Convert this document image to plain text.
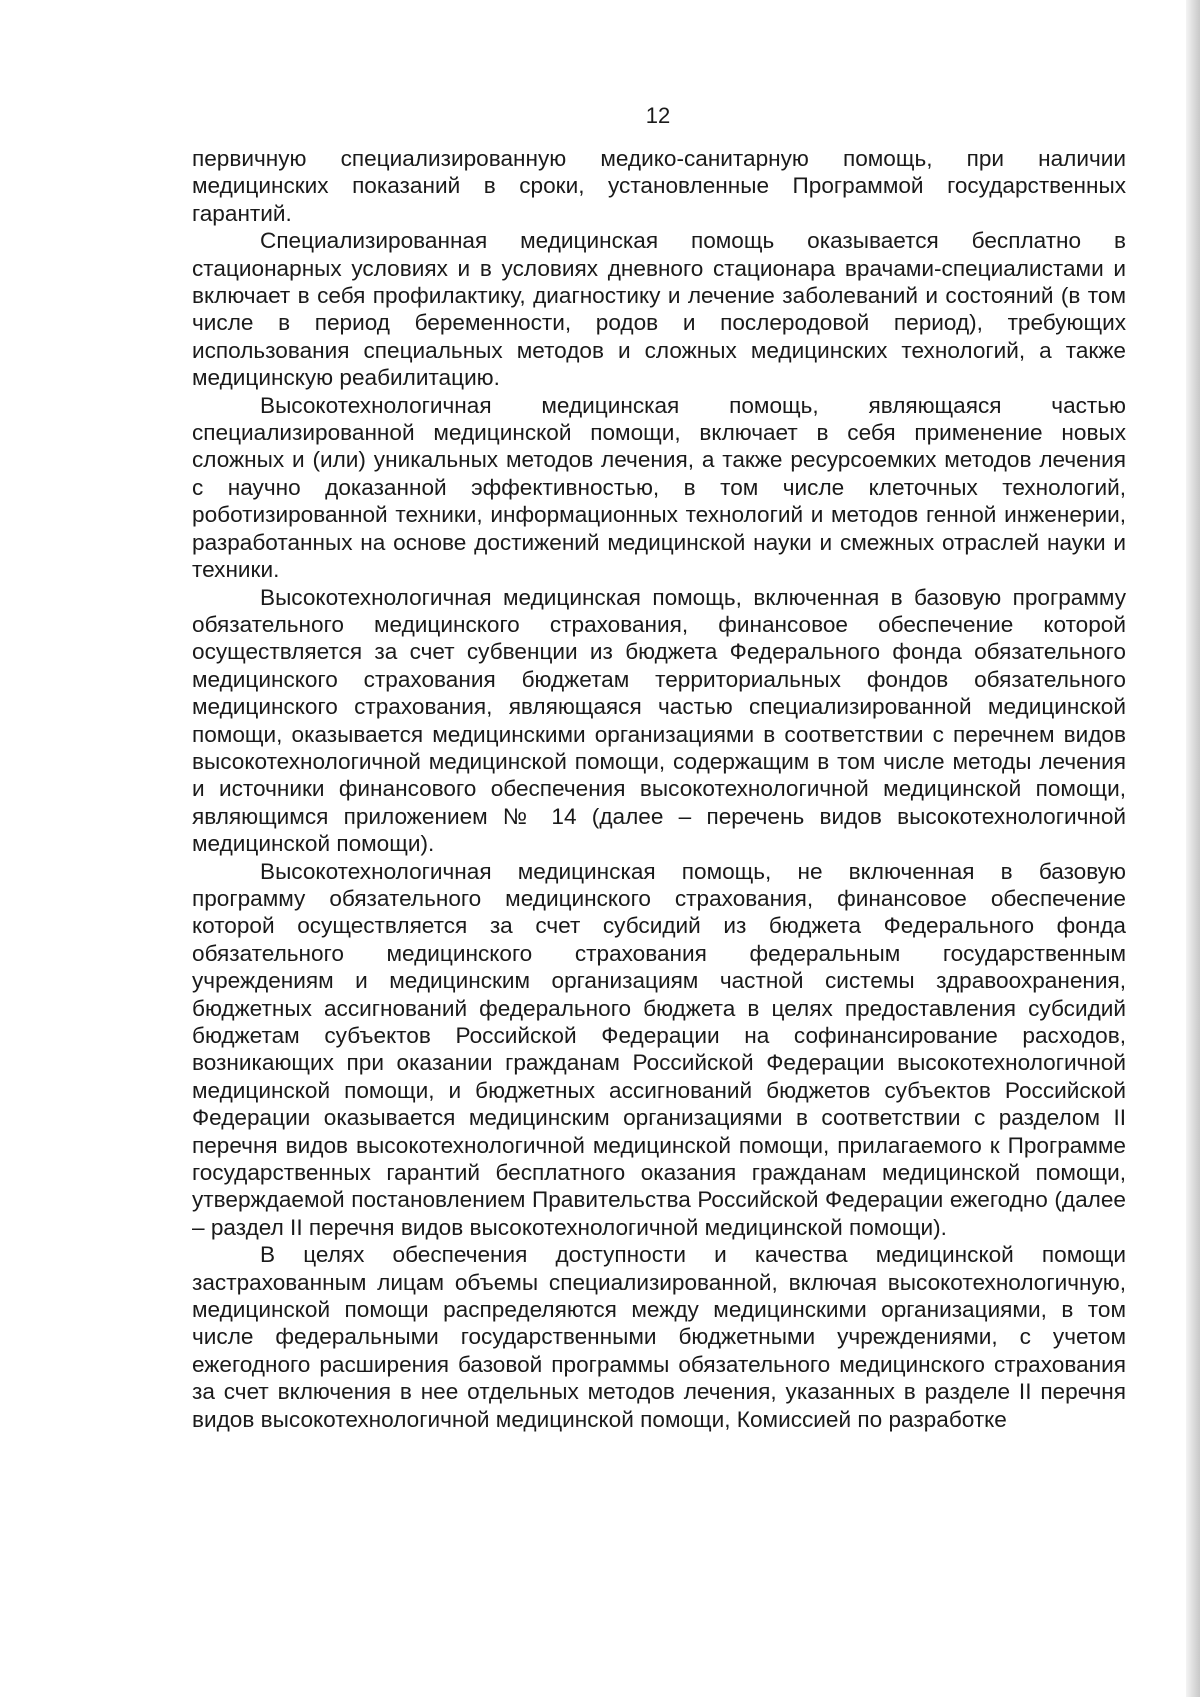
12

первичную специализированную медико-санитарную помощь, при наличии медицинских показаний в сроки, установленные Программой государственных гарантий.

Специализированная медицинская помощь оказывается бесплатно в стационарных условиях и в условиях дневного стационара врачами-специалистами и включает в себя профилактику, диагностику и лечение заболеваний и состояний (в том числе в период беременности, родов и послеродовой период), требующих использования специальных методов и сложных медицинских технологий, а также медицинскую реабилитацию.

Высокотехнологичная медицинская помощь, являющаяся частью специализированной медицинской помощи, включает в себя применение новых сложных и (или) уникальных методов лечения, а также ресурсоемких методов лечения с научно доказанной эффективностью, в том числе клеточных технологий, роботизированной техники, информационных технологий и методов генной инженерии, разработанных на основе достижений медицинской науки и смежных отраслей науки и техники.

Высокотехнологичная медицинская помощь, включенная в базовую программу обязательного медицинского страхования, финансовое обеспечение которой осуществляется за счет субвенции из бюджета Федерального фонда обязательного медицинского страхования бюджетам территориальных фондов обязательного медицинского страхования, являющаяся частью специализированной медицинской помощи, оказывается медицинскими организациями в соответствии с перечнем видов высокотехнологичной медицинской помощи, содержащим в том числе методы лечения и источники финансового обеспечения высокотехнологичной медицинской помощи, являющимся приложением № 14 (далее – перечень видов высокотехнологичной медицинской помощи).

Высокотехнологичная медицинская помощь, не включенная в базовую программу обязательного медицинского страхования, финансовое обеспечение которой осуществляется за счет субсидий из бюджета Федерального фонда обязательного медицинского страхования федеральным государственным учреждениям и медицинским организациям частной системы здравоохранения, бюджетных ассигнований федерального бюджета в целях предоставления субсидий бюджетам субъектов Российской Федерации на софинансирование расходов, возникающих при оказании гражданам Российской Федерации высокотехнологичной медицинской помощи, и бюджетных ассигнований бюджетов субъектов Российской Федерации оказывается медицинским организациями в соответствии с разделом II перечня видов высокотехнологичной медицинской помощи, прилагаемого к Программе государственных гарантий бесплатного оказания гражданам медицинской помощи, утверждаемой постановлением Правительства Российской Федерации ежегодно (далее – раздел II перечня видов высокотехнологичной медицинской помощи).

В целях обеспечения доступности и качества медицинской помощи застрахованным лицам объемы специализированной, включая высокотехнологичную, медицинской помощи распределяются между медицинскими организациями, в том числе федеральными государственными бюджетными учреждениями, с учетом ежегодного расширения базовой программы обязательного медицинского страхования за счет включения в нее отдельных методов лечения, указанных в разделе II перечня видов высокотехнологичной медицинской помощи, Комиссией по разработке
